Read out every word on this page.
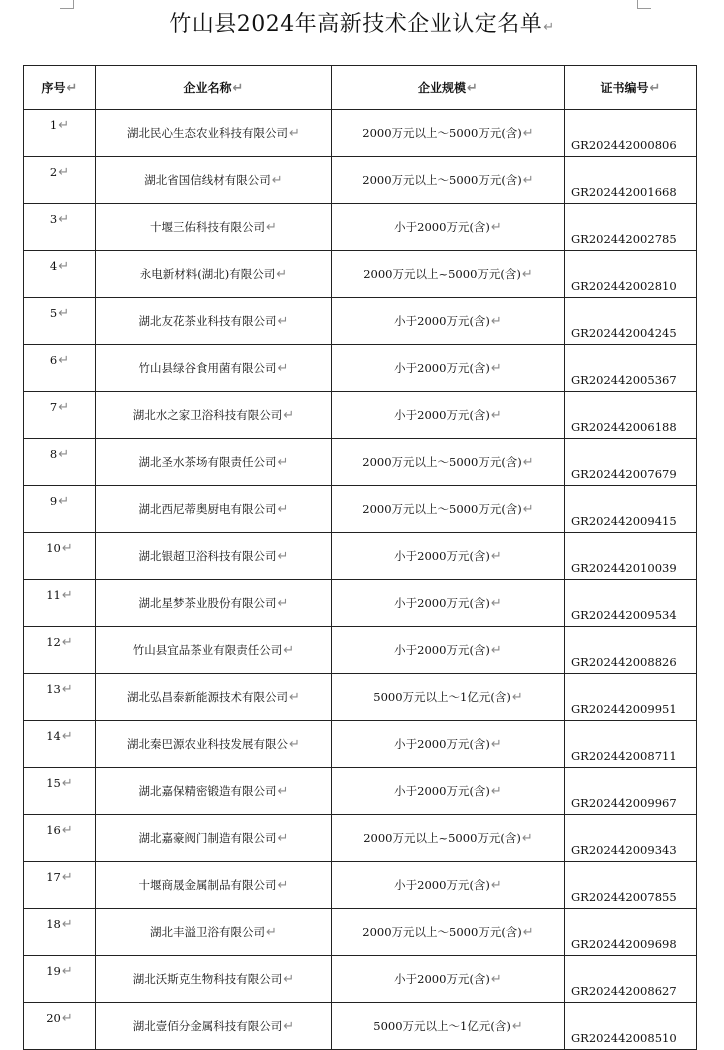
竹山县2024年高新技术企业认定名单↵
序号↵	企业名称↵	企业规模↵	证书编号↵
1↵	湖北民心生态农业科技有限公司↵	2000万元以上～5000万元(含)↵	GR202442000806
2↵	湖北省国信线材有限公司↵	2000万元以上～5000万元(含)↵	GR202442001668
3↵	十堰三佑科技有限公司↵	小于2000万元(含)↵	GR202442002785
4↵	永电新材料(湖北)有限公司↵	2000万元以上~5000万元(含)↵	GR202442002810
5↵	湖北友花茶业科技有限公司↵	小于2000万元(含)↵	GR202442004245
6↵	竹山县绿谷食用菌有限公司↵	小于2000万元(含)↵	GR202442005367
7↵	湖北水之家卫浴科技有限公司↵	小于2000万元(含)↵	GR202442006188
8↵	湖北圣水茶场有限责任公司↵	2000万元以上～5000万元(含)↵	GR202442007679
9↵	湖北西尼蒂奥厨电有限公司↵	2000万元以上～5000万元(含)↵	GR202442009415
10↵	湖北银超卫浴科技有限公司↵	小于2000万元(含)↵	GR202442010039
11↵	湖北星梦茶业股份有限公司↵	小于2000万元(含)↵	GR202442009534
12↵	竹山县宜品茶业有限责任公司↵	小于2000万元(含)↵	GR202442008826
13↵	湖北弘昌泰新能源技术有限公司↵	5000万元以上～1亿元(含)↵	GR202442009951
14↵	湖北秦巴源农业科技发展有限公↵	小于2000万元(含)↵	GR202442008711
15↵	湖北嘉保精密锻造有限公司↵	小于2000万元(含)↵	GR202442009967
16↵	湖北嘉豪阀门制造有限公司↵	2000万元以上~5000万元(含)↵	GR202442009343
17↵	十堰商晟金属制品有限公司↵	小于2000万元(含)↵	GR202442007855
18↵	湖北丰溢卫浴有限公司↵	2000万元以上～5000万元(含)↵	GR202442009698
19↵	湖北沃斯克生物科技有限公司↵	小于2000万元(含)↵	GR202442008627
20↵	湖北壹佰分金属科技有限公司↵	5000万元以上～1亿元(含)↵	GR202442008510
